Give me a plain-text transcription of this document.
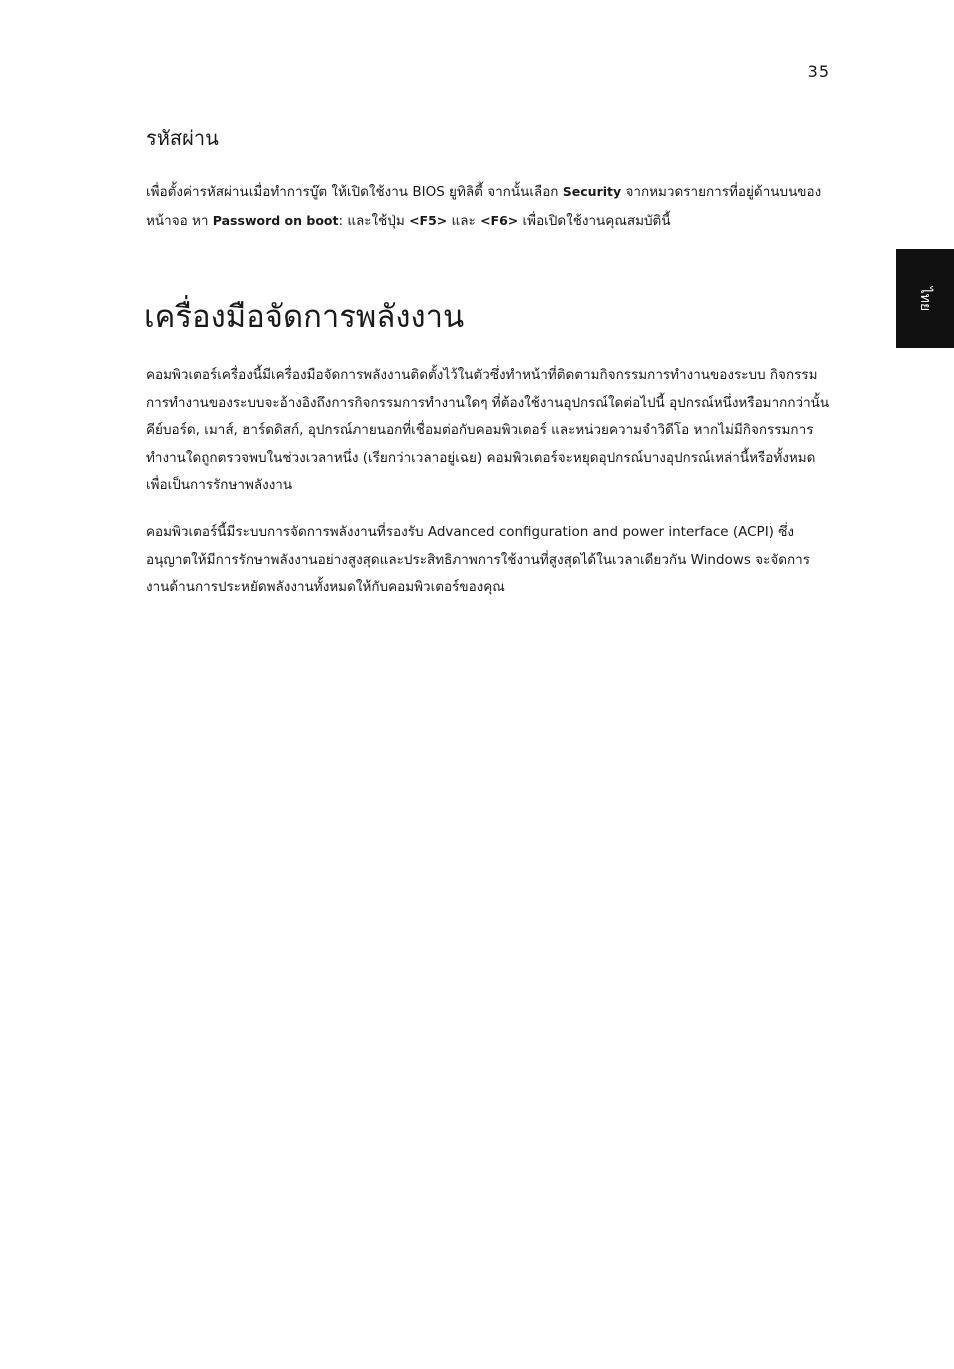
35
ไทย
รหัสผ่าน

เพื่อตั้งค่ารหัสผ่านเมื่อทำการบู๊ต ให้เปิดใช้งาน BIOS ยูทิลิตี้ จากนั้นเลือก Security จากหมวดรายการที่อยู่ด้านบนของหน้าจอ หา Password on boot: และใช้ปุ่ม <F5> และ <F6> เพื่อเปิดใช้งานคุณสมบัตินี้

เครื่องมือจัดการพลังงาน

คอมพิวเตอร์เครื่องนี้มีเครื่องมือจัดการพลังงานติดตั้งไว้ในตัวซึ่งทำหน้าที่ติดตามกิจกรรมการทำงานของระบบ กิจกรรมการทำงานของระบบจะอ้างอิงถึงการกิจกรรมการทำงานใดๆ ที่ต้องใช้งานอุปกรณ์ใดต่อไปนี้ อุปกรณ์หนึ่งหรือมากกว่านั้น คีย์บอร์ด, เมาส์, ฮาร์ดดิสก์, อุปกรณ์ภายนอกที่เชื่อมต่อกับคอมพิวเตอร์ และหน่วยความจำวิดีโอ หากไม่มีกิจกรรมการทำงานใดถูกตรวจพบในช่วงเวลาหนึ่ง (เรียกว่าเวลาอยู่เฉย) คอมพิวเตอร์จะหยุดอุปกรณ์บางอุปกรณ์เหล่านี้หรือทั้งหมดเพื่อเป็นการรักษาพลังงาน

คอมพิวเตอร์นี้มีระบบการจัดการพลังงานที่รองรับ Advanced configuration and power interface (ACPI) ซึ่งอนุญาตให้มีการรักษาพลังงานอย่างสูงสุดและประสิทธิภาพการใช้งานที่สูงสุดได้ในเวลาเดียวกัน Windows จะจัดการงานด้านการประหยัดพลังงานทั้งหมดให้กับคอมพิวเตอร์ของคุณ
